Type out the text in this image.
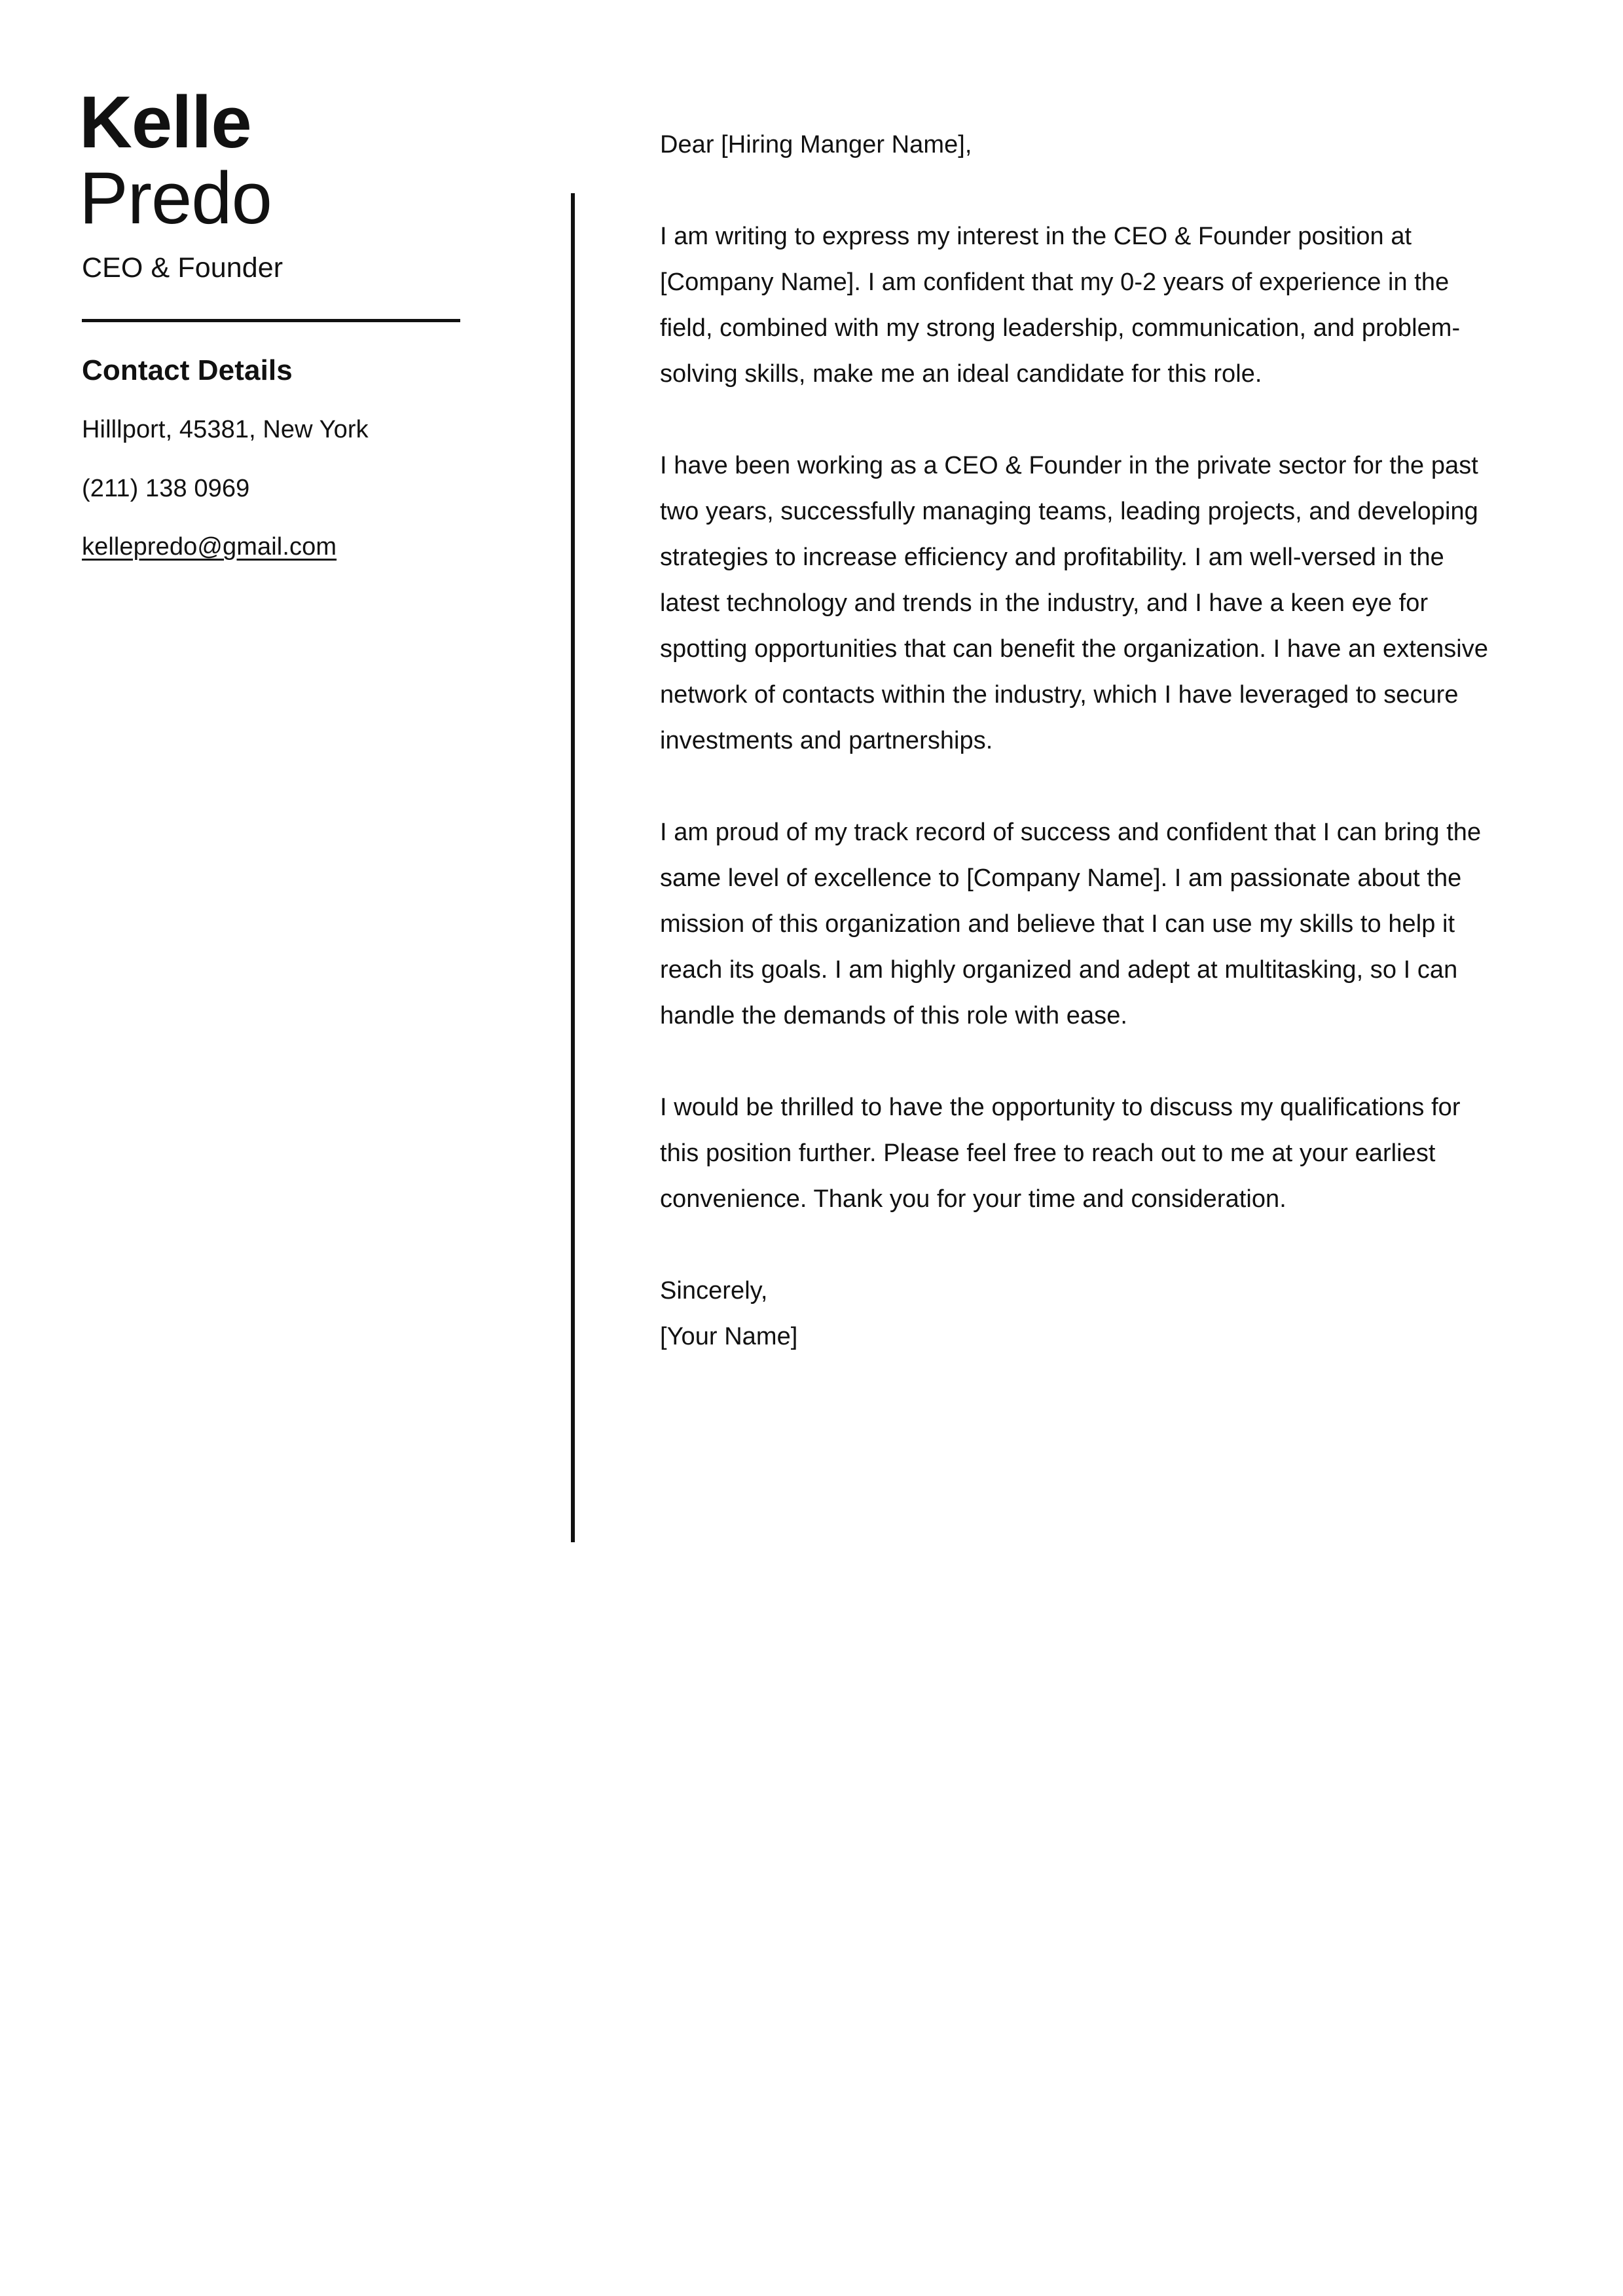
Kelle
Predo
CEO & Founder
Contact Details
Hilllport, 45381, New York
(211) 138 0969
kellepredo@gmail.com

Dear [Hiring Manger Name],

I am writing to express my interest in the CEO & Founder position at [Company Name]. I am confident that my 0-2 years of experience in the field, combined with my strong leadership, communication, and problem-solving skills, make me an ideal candidate for this role.

I have been working as a CEO & Founder in the private sector for the past two years, successfully managing teams, leading projects, and developing strategies to increase efficiency and profitability. I am well-versed in the latest technology and trends in the industry, and I have a keen eye for spotting opportunities that can benefit the organization. I have an extensive network of contacts within the industry, which I have leveraged to secure investments and partnerships.

I am proud of my track record of success and confident that I can bring the same level of excellence to [Company Name]. I am passionate about the mission of this organization and believe that I can use my skills to help it reach its goals. I am highly organized and adept at multitasking, so I can handle the demands of this role with ease.

I would be thrilled to have the opportunity to discuss my qualifications for this position further. Please feel free to reach out to me at your earliest convenience. Thank you for your time and consideration.

Sincerely,
[Your Name]
